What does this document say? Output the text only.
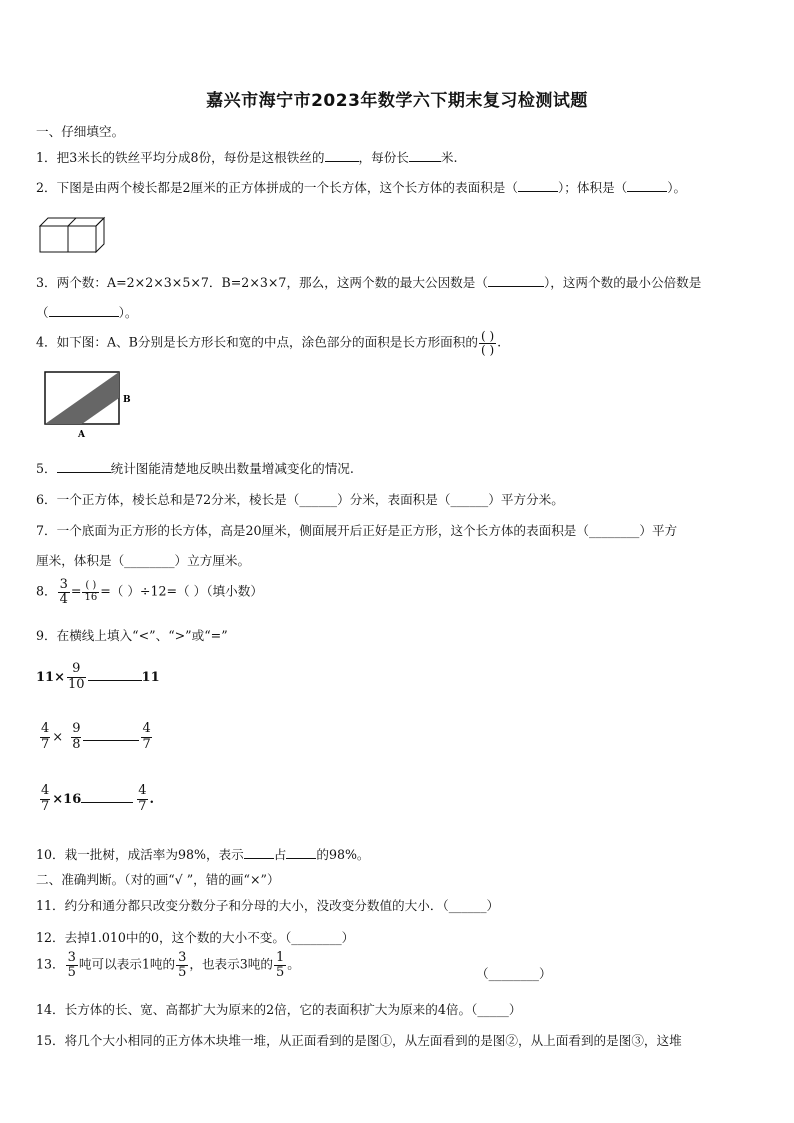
嘉兴市海宁市2023年数学六下期末复习检测试题
一、仔细填空。
1．把3米长的铁丝平均分成8份，每份是这根铁丝的	，每份长	米.
2．下图是由两个棱长都是2厘米的正方体拼成的一个长方体，这个长方体的表面积是（	）；体积是（	）。
3．两个数：A=2×2×3×5×7．B=2×3×7，那么，这两个数的最大公因数是（	），这两个数的最小公倍数是
（	）。
4．如下图：A、B分别是长方形长和宽的中点，涂色部分的面积是长方形面积的 $\frac{( )}{( )}$ .
B
A
5．	统计图能清楚地反映出数量增减变化的情况.
6．一个正方体，棱长总和是72分米，棱长是（______）分米，表面积是（______）平方分米。
7．一个底面为正方形的长方体，高是20厘米，侧面展开后正好是正方形，这个长方体的表面积是（________）平方
厘米，体积是（________）立方厘米。
8． $\frac{3}{4} = \frac{( )}{16}$ =（ ）÷12=（ ）（填小数）
9．在横线上填入“<”、“>”或“=”
$11\times \frac{9}{10}$	11
$\frac{4}{7} \times \frac{9}{8}$	$\frac{4}{7}$
$\frac{4}{7} \times 16$	$\frac{4}{7}$ .
10．栽一批树，成活率为98%，表示 占 的98%。
二、准确判断。（对的画“√ ”，错的画“×”）
11．约分和通分都只改变分数分子和分母的大小，没改变分数值的大小．（______）
12．去掉1.010中的0，这个数的大小不变。（________）
13． $\frac{3}{5}$ 吨可以表示1吨的 $\frac{3}{5}$ ，也表示3吨的 $\frac{1}{5}$ 。
（________）
14．长方体的长、宽、高都扩大为原来的2倍，它的表面积扩大为原来的4倍。（_____）
15．将几个大小相同的正方体木块堆一堆，从正面看到的是图①，从左面看到的是图②，从上面看到的是图③，这堆
